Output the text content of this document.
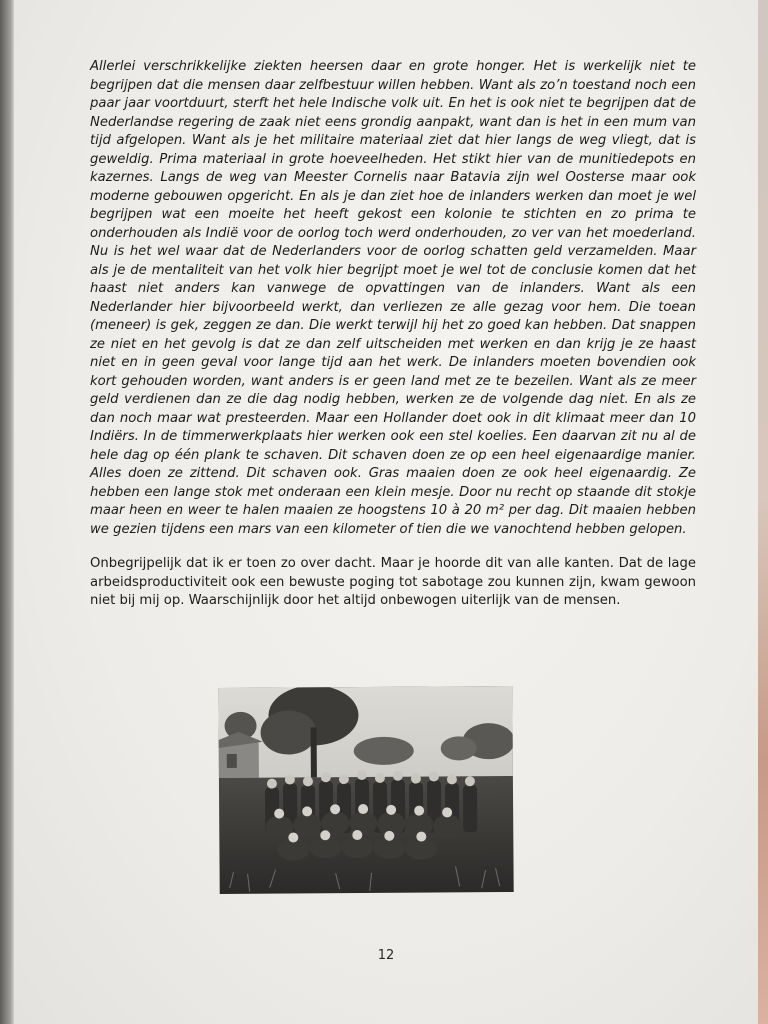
Allerlei verschrikkelijke ziekten heersen daar en grote honger. Het is werkelijk niet te begrijpen dat die mensen daar zelfbestuur willen hebben. Want als zo’n toestand noch een paar jaar voortduurt, sterft het hele Indische volk uit. En het is ook niet te begrijpen dat de Nederlandse regering de zaak niet eens grondig aanpakt, want dan is het in een mum van tijd afgelopen. Want als je het militaire materiaal ziet dat hier langs de weg vliegt, dat is geweldig. Prima materiaal in grote hoeveelheden. Het stikt hier van de munitiedepots en kazernes. Langs de weg van Meester Cornelis naar Batavia zijn wel Oosterse maar ook moderne gebouwen opgericht. En als je dan ziet hoe de inlanders werken dan moet je wel begrijpen wat een moeite het heeft gekost een kolonie te stichten en zo prima te onderhouden als Indië voor de oorlog toch werd onderhouden, zo ver van het moederland. Nu is het wel waar dat de Nederlanders voor de oorlog schatten geld verzamelden. Maar als je de mentaliteit van het volk hier begrijpt moet je wel tot de conclusie komen dat het haast niet anders kan vanwege de opvattingen van de inlanders. Want als een Nederlander hier bijvoorbeeld werkt, dan verliezen ze alle gezag voor hem. Die toean (meneer) is gek, zeggen ze dan. Die werkt terwijl hij het zo goed kan hebben. Dat snappen ze niet en het gevolg is dat ze dan zelf uitscheiden met werken en dan krijg je ze haast niet en in geen geval voor lange tijd aan het werk. De inlanders moeten bovendien ook kort gehouden worden, want anders is er geen land met ze te bezeilen. Want als ze meer geld verdienen dan ze die dag nodig hebben, werken ze de volgende dag niet. En als ze dan noch maar wat presteerden. Maar een Hollander doet ook in dit klimaat meer dan 10 Indiërs. In de timmerwerkplaats hier werken ook een stel koelies. Een daarvan zit nu al de hele dag op één plank te schaven. Dit schaven doen ze op een heel eigenaardige manier. Alles doen ze zittend. Dit schaven ook. Gras maaien doen ze ook heel eigenaardig. Ze hebben een lange stok met onderaan een klein mesje. Door nu recht op staande dit stokje maar heen en weer te halen maaien ze hoogstens 10 à 20 m² per dag. Dit maaien hebben we gezien tijdens een mars van een kilometer of tien die we vanochtend hebben gelopen.

Onbegrijpelijk dat ik er toen zo over dacht. Maar je hoorde dit van alle kanten. Dat de lage arbeidsproductiviteit ook een bewuste poging tot sabotage zou kunnen zijn, kwam gewoon niet bij mij op. Waarschijnlijk door het altijd onbewogen uiterlijk van de mensen.

12
